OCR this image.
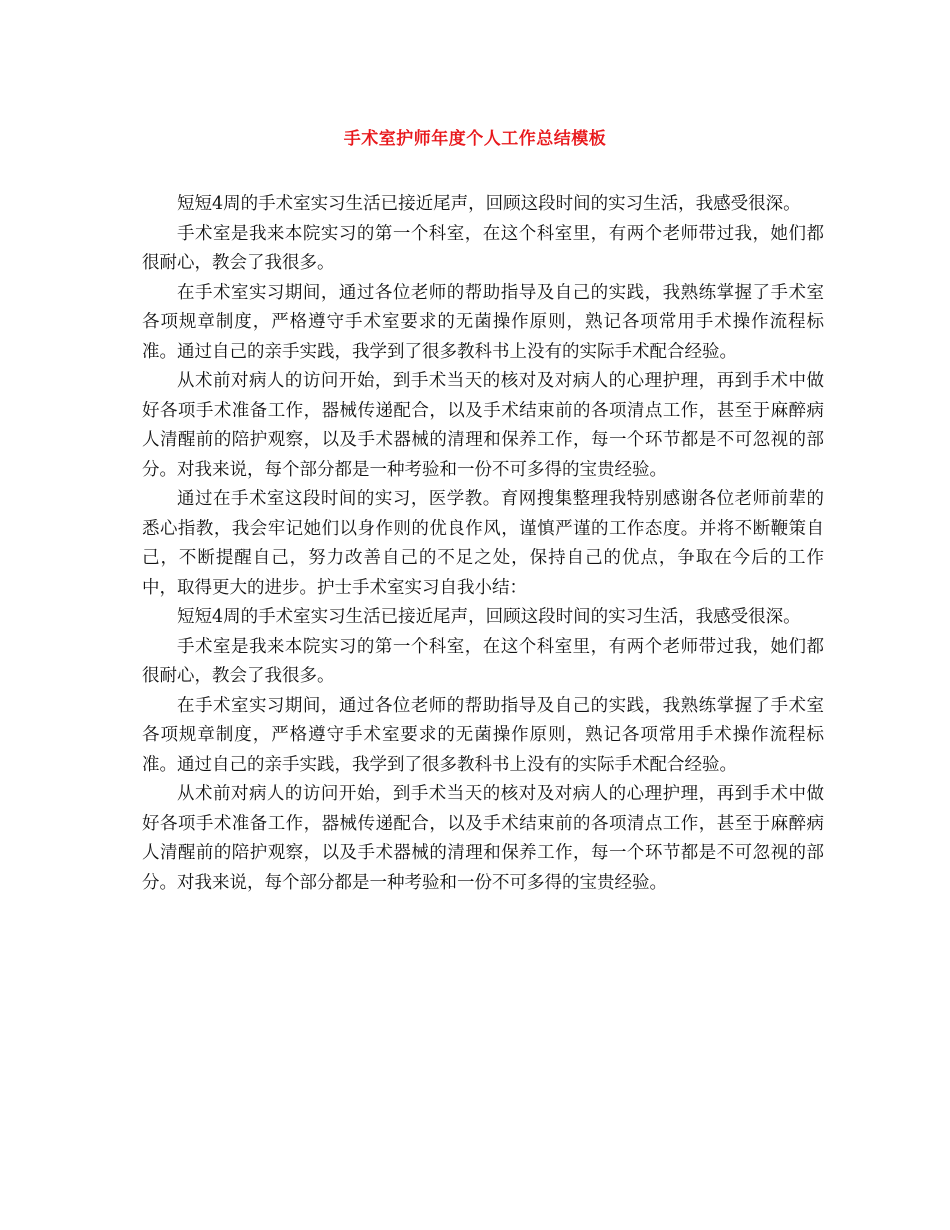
手术室护师年度个人工作总结模板

短短4周的手术室实习生活已接近尾声，回顾这段时间的实习生活，我感受很深。

手术室是我来本院实习的第一个科室，在这个科室里，有两个老师带过我，她们都很耐心，教会了我很多。

在手术室实习期间，通过各位老师的帮助指导及自己的实践，我熟练掌握了手术室各项规章制度，严格遵守手术室要求的无菌操作原则，熟记各项常用手术操作流程标准。通过自己的亲手实践，我学到了很多教科书上没有的实际手术配合经验。

从术前对病人的访问开始，到手术当天的核对及对病人的心理护理，再到手术中做好各项手术准备工作，器械传递配合，以及手术结束前的各项清点工作，甚至于麻醉病人清醒前的陪护观察，以及手术器械的清理和保养工作，每一个环节都是不可忽视的部分。对我来说，每个部分都是一种考验和一份不可多得的宝贵经验。

通过在手术室这段时间的实习，医学教。育网搜集整理我特别感谢各位老师前辈的悉心指教，我会牢记她们以身作则的优良作风，谨慎严谨的工作态度。并将不断鞭策自己，不断提醒自己，努力改善自己的不足之处，保持自己的优点，争取在今后的工作中，取得更大的进步。护士手术室实习自我小结：

短短4周的手术室实习生活已接近尾声，回顾这段时间的实习生活，我感受很深。

手术室是我来本院实习的第一个科室，在这个科室里，有两个老师带过我，她们都很耐心，教会了我很多。

在手术室实习期间，通过各位老师的帮助指导及自己的实践，我熟练掌握了手术室各项规章制度，严格遵守手术室要求的无菌操作原则，熟记各项常用手术操作流程标准。通过自己的亲手实践，我学到了很多教科书上没有的实际手术配合经验。

从术前对病人的访问开始，到手术当天的核对及对病人的心理护理，再到手术中做好各项手术准备工作，器械传递配合，以及手术结束前的各项清点工作，甚至于麻醉病人清醒前的陪护观察，以及手术器械的清理和保养工作，每一个环节都是不可忽视的部分。对我来说，每个部分都是一种考验和一份不可多得的宝贵经验。
